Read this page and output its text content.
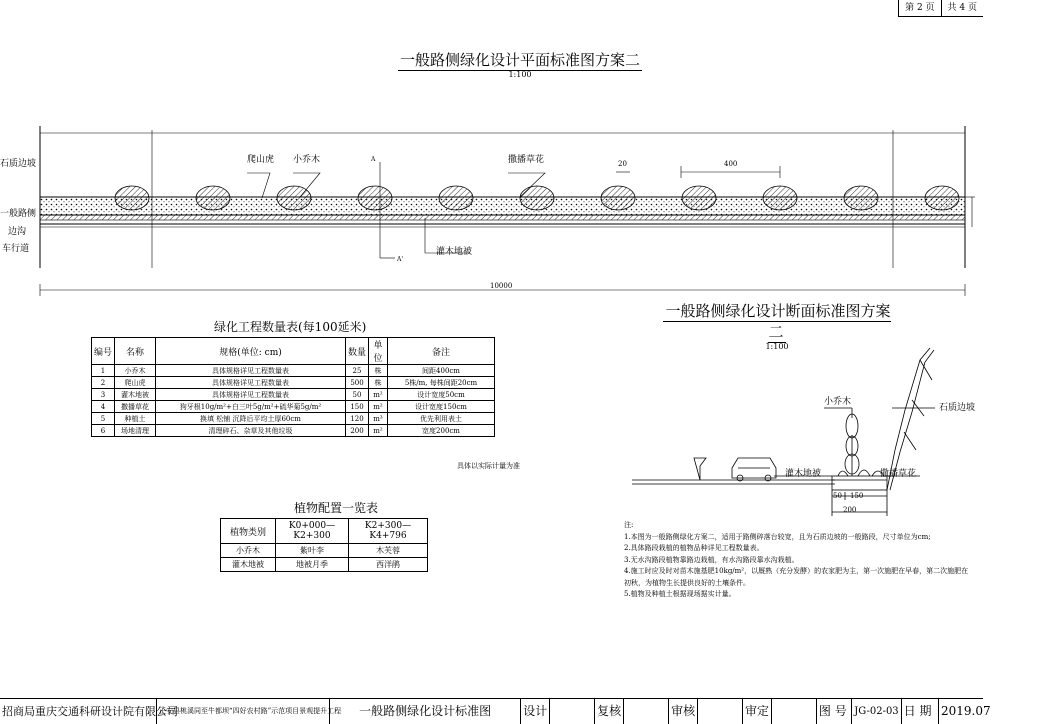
第 2 页	共 4 页
一般路侧绿化设计平面标准图方案二
1:100
石质边坡
一般路侧
边沟
车行道
爬山虎 小乔木	撒播草花
灌木地被
20	400
10000
A
A'
绿化工程数量表(每100延米)
编号	名称	规格(单位: cm)	数量	单位	备注
1	小乔木	具体规格详见工程数量表	25	株	间距400cm
2	爬山虎	具体规格详见工程数量表	500	株	5株/m, 每株间距20cm
3	灌木地被	具体规格详见工程数量表	50	m²	设计宽度50cm
4	撒播草花	狗牙根10g/m²+白三叶5g/m²+硫华菊5g/m²	150	m²	设计宽度150cm
5	种植土	换填 松铺 沉降后平均土厚60cm	120	m³	优先利用表土
6	场地清理	清理碎石、杂草及其他垃圾	200	m²	宽度200cm
具体以实际计量为准
植物配置一览表
植物类别	K0+000—K2+300	K2+300—K4+796
小乔木	紫叶李	木芙蓉
灌木地被	地被月季	西洋鹃
一般路侧绿化设计断面标准图方案二
1:100
小乔木
石质边坡
灌木地被	撒播草花
50 150
200
注:
1.本图为一般路侧绿化方案二，适用于路侧碎落台较宽，且为石质边坡的一般路段，尺寸单位为cm;
2.具体路段栽植的植物品种详见工程数量表。
3.无水沟路段植物靠路边栽植，有水沟路段靠水沟栽植。
4.施工时应及时对苗木施基肥10kg/m²，以厩熟（充分发酵）的农家肥为主，第一次施肥在早春，第二次施肥在
初秋，为植物生长提供良好的土壤条件。
5.植物及种植土根据现场据实计量。
招商局重庆交通科研设计院有限公司
正安县桃溪同至牛都坝“四好农村路”示范项目景观提升工程	一般路侧绿化设计标准图	设计	复核	审核	审定	图 号 JG-02-03 日 期 2019.07
